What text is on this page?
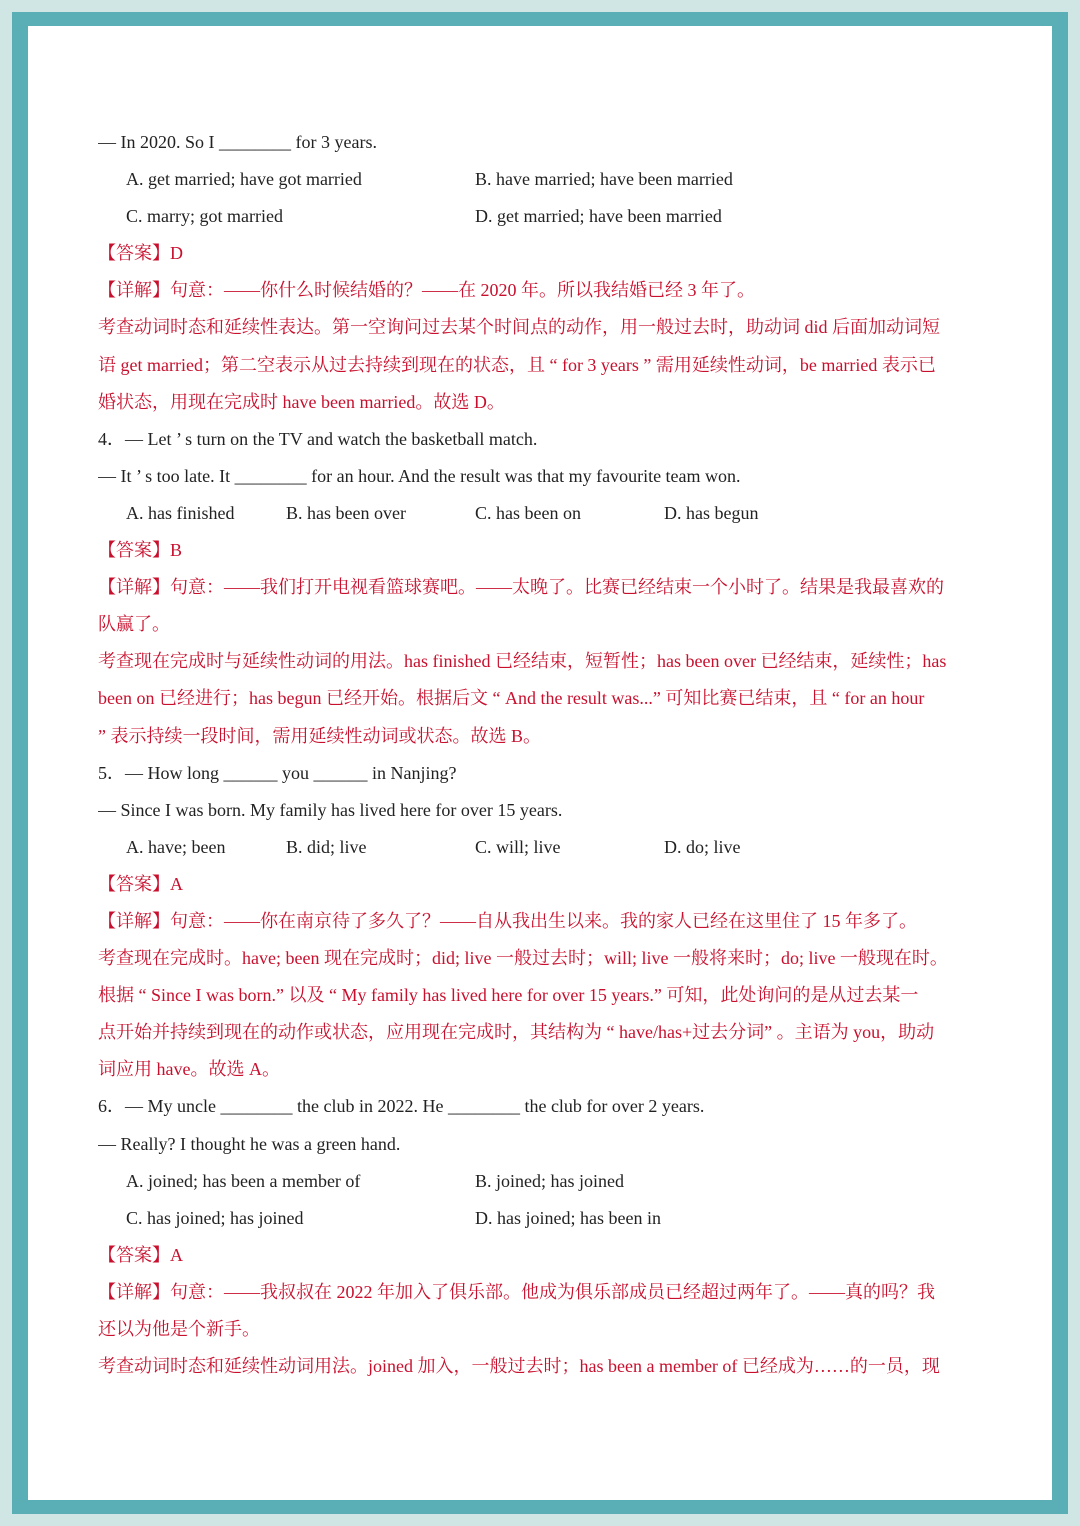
— In 2020. So I ________ for 3 years.
A. get married; have got married	B. have married; have been married
C. marry; got married	D. get married; have been married
【答案】D
【详解】句意：——你什么时候结婚的？——在 2020 年。所以我结婚已经 3 年了。
考查动词时态和延续性表达。第一空询问过去某个时间点的动作，用一般过去时，助动词 did 后面加动词短
语 get married；第二空表示从过去持续到现在的状态，且 “ for 3 years ” 需用延续性动词，be married 表示已
婚状态，用现在完成时 have been married。故选 D。
4．— Let ’ s turn on the TV and watch the basketball match.
— It ’ s too late. It ________ for an hour. And the result was that my favourite team won.
A. has finished	B. has been over	C. has been on	D. has begun
【答案】B
【详解】句意：——我们打开电视看篮球赛吧。——太晚了。比赛已经结束一个小时了。结果是我最喜欢的
队赢了。
考查现在完成时与延续性动词的用法。has finished 已经结束，短暂性；has been over 已经结束，延续性；has
been on 已经进行；has begun 已经开始。根据后文 “ And the result was...” 可知比赛已结束，且 “ for an hour
” 表示持续一段时间，需用延续性动词或状态。故选 B。
5．— How long ______ you ______ in Nanjing?
— Since I was born. My family has lived here for over 15 years.
A. have; been	B. did; live	C. will; live	D. do; live
【答案】A
【详解】句意：——你在南京待了多久了？——自从我出生以来。我的家人已经在这里住了 15 年多了。
考查现在完成时。have; been 现在完成时；did; live 一般过去时；will; live 一般将来时；do; live 一般现在时。
根据 “ Since I was born.” 以及 “ My family has lived here for over 15 years.” 可知，此处询问的是从过去某一
点开始并持续到现在的动作或状态，应用现在完成时，其结构为 “ have/has+过去分词” 。主语为 you，助动
词应用 have。故选 A。
6．— My uncle ________ the club in 2022. He ________ the club for over 2 years.
— Really? I thought he was a green hand.
A. joined; has been a member of	B. joined; has joined
C. has joined; has joined	D. has joined; has been in
【答案】A
【详解】句意：——我叔叔在 2022 年加入了俱乐部。他成为俱乐部成员已经超过两年了。——真的吗？我
还以为他是个新手。
考查动词时态和延续性动词用法。joined 加入，一般过去时；has been a member of 已经成为……的一员，现
